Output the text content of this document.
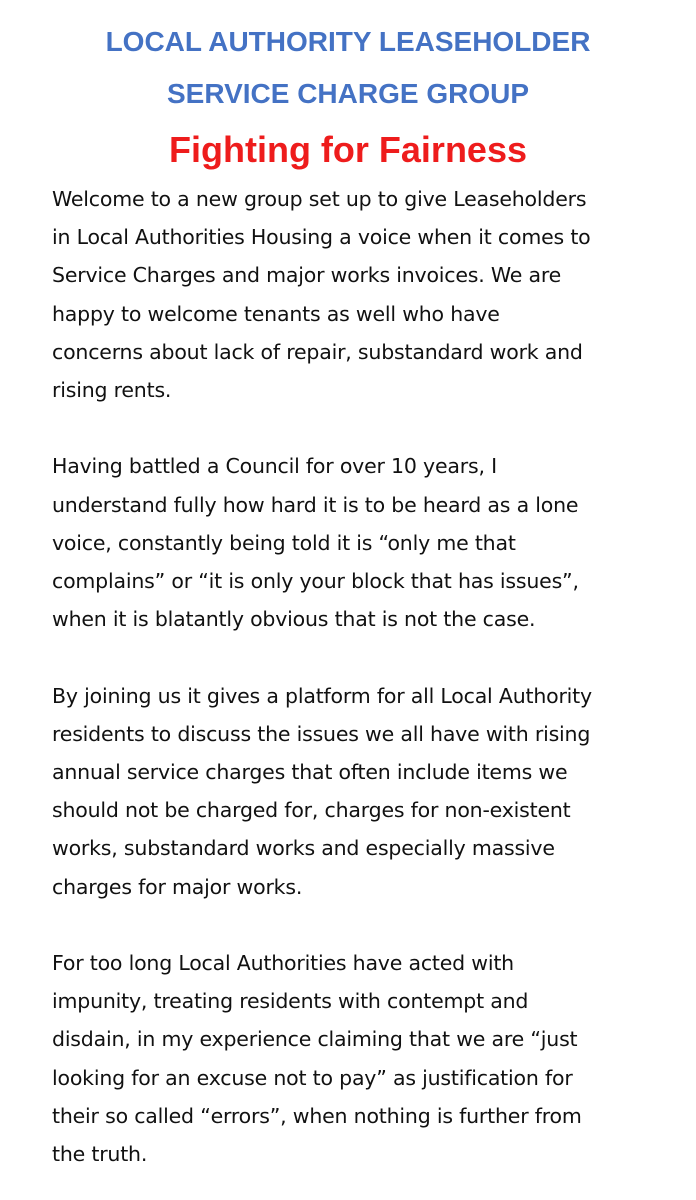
LOCAL AUTHORITY LEASEHOLDER
SERVICE CHARGE GROUP
Fighting for Fairness

Welcome to a new group set up to give Leaseholders
in Local Authorities Housing a voice when it comes to
Service Charges and major works invoices. We are
happy to welcome tenants as well who have
concerns about lack of repair, substandard work and
rising rents.

Having battled a Council for over 10 years, I
understand fully how hard it is to be heard as a lone
voice, constantly being told it is “only me that
complains” or “it is only your block that has issues”,
when it is blatantly obvious that is not the case.

By joining us it gives a platform for all Local Authority
residents to discuss the issues we all have with rising
annual service charges that often include items we
should not be charged for, charges for non-existent
works, substandard works and especially massive
charges for major works.

For too long Local Authorities have acted with
impunity, treating residents with contempt and
disdain, in my experience claiming that we are “just
looking for an excuse not to pay” as justification for
their so called “errors”, when nothing is further from
the truth.
